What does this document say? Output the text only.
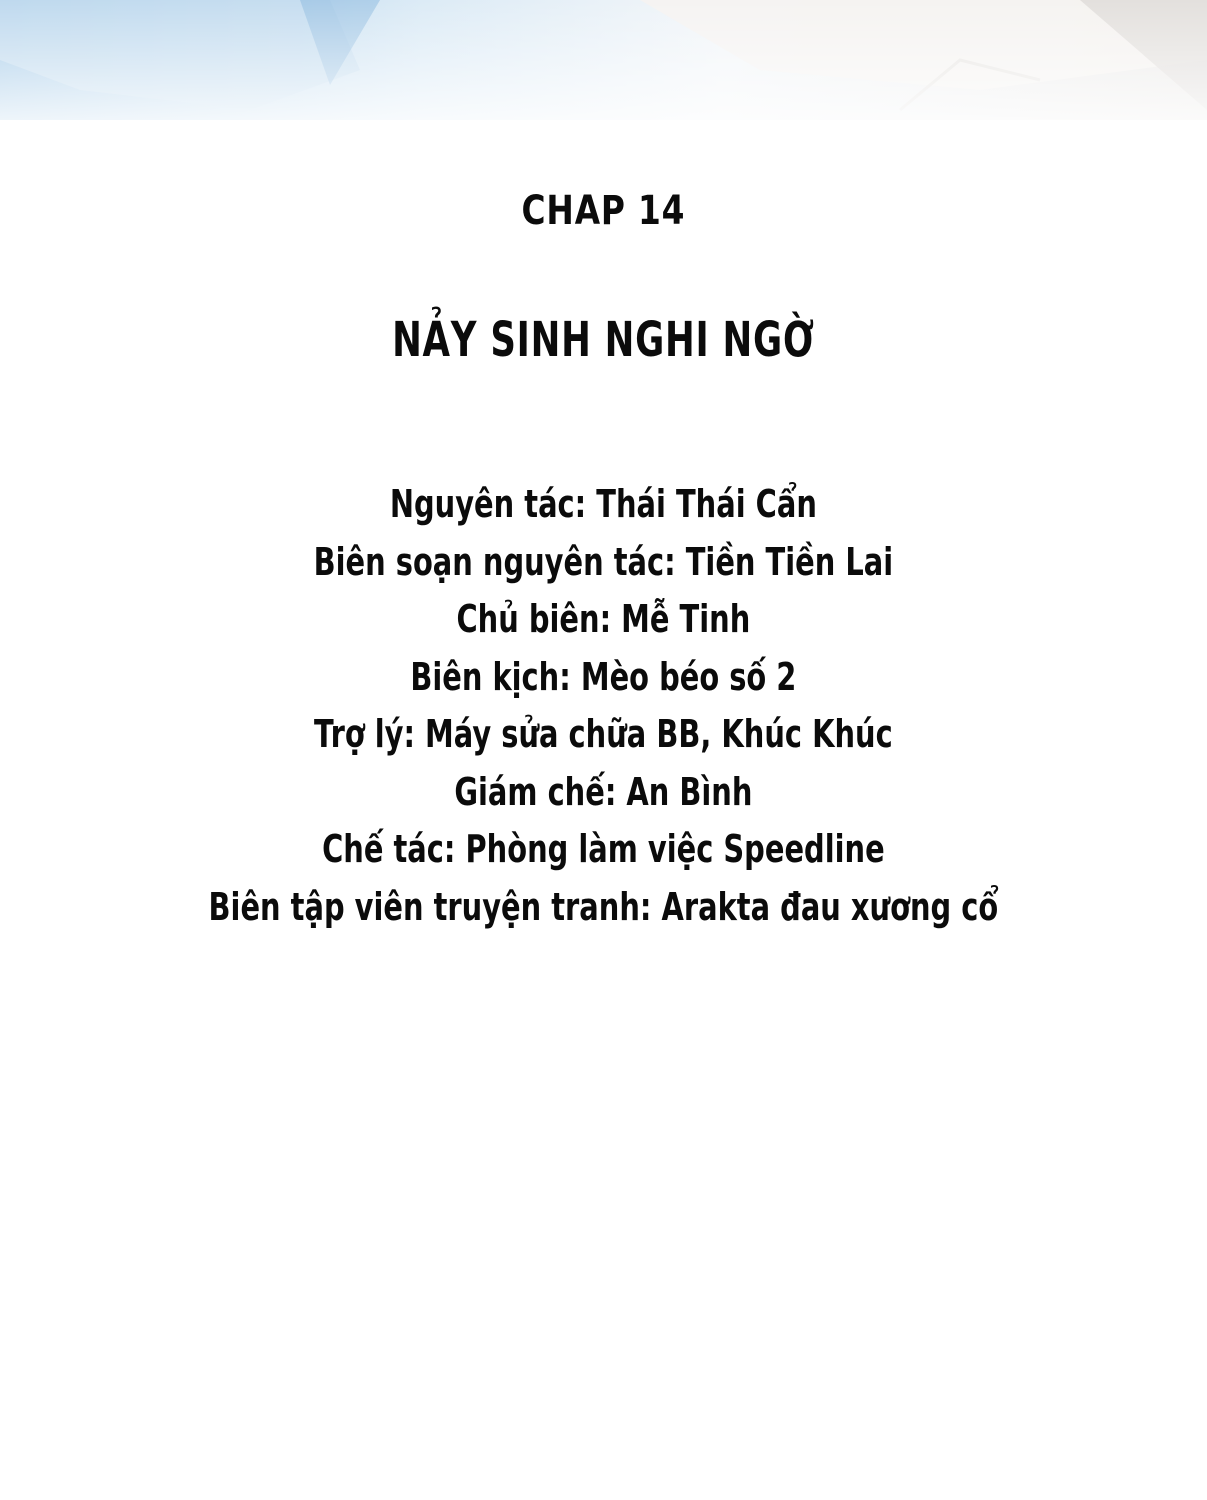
CHAP 14
NẢY SINH NGHI NGỜ
Nguyên tác: Thái Thái Cẩn
Biên soạn nguyên tác: Tiền Tiền Lai
Chủ biên: Mễ Tinh
Biên kịch: Mèo béo số 2
Trợ lý: Máy sửa chữa BB, Khúc Khúc
Giám chế: An Bình
Chế tác: Phòng làm việc Speedline
Biên tập viên truyện tranh: Arakta đau xương cổ
